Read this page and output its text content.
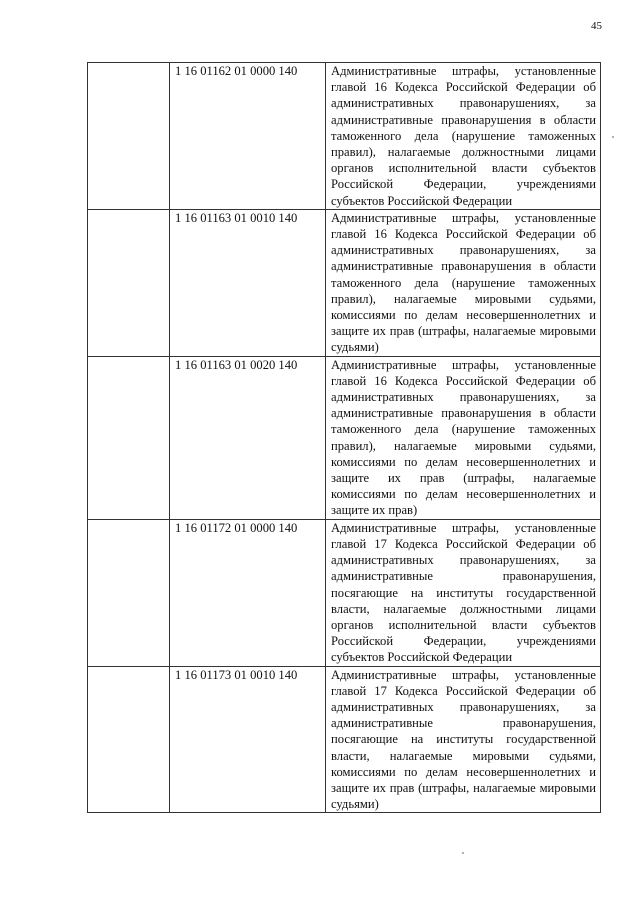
45
	1 16 01162 01 0000 140	Административные штрафы, установленные главой 16 Кодекса Российской Федерации об административных правонарушениях, за административные правонарушения в области таможенного дела (нарушение таможенных правил), налагаемые должностными лицами органов исполнительной власти субъектов Российской Федерации, учреждениями субъектов Российской Федерации
	1 16 01163 01 0010 140	Административные штрафы, установленные главой 16 Кодекса Российской Федерации об административных правонарушениях, за административные правонарушения в области таможенного дела (нарушение таможенных правил), налагаемые мировыми судьями, комиссиями по делам несовершеннолетних и защите их прав (штрафы, налагаемые мировыми судьями)
	1 16 01163 01 0020 140	Административные штрафы, установленные главой 16 Кодекса Российской Федерации об административных правонарушениях, за административные правонарушения в области таможенного дела (нарушение таможенных правил), налагаемые мировыми судьями, комиссиями по делам несовершеннолетних и защите их прав (штрафы, налагаемые комиссиями по делам несовершеннолетних и защите их прав)
	1 16 01172 01 0000 140	Административные штрафы, установленные главой 17 Кодекса Российской Федерации об административных правонарушениях, за административные правонарушения, посягающие на институты государственной власти, налагаемые должностными лицами органов исполнительной власти субъектов Российской Федерации, учреждениями субъектов Российской Федерации
	1 16 01173 01 0010 140	Административные штрафы, установленные главой 17 Кодекса Российской Федерации об административных правонарушениях, за административные правонарушения, посягающие на институты государственной власти, налагаемые мировыми судьями, комиссиями по делам несовершеннолетних и защите их прав (штрафы, налагаемые мировыми судьями)
